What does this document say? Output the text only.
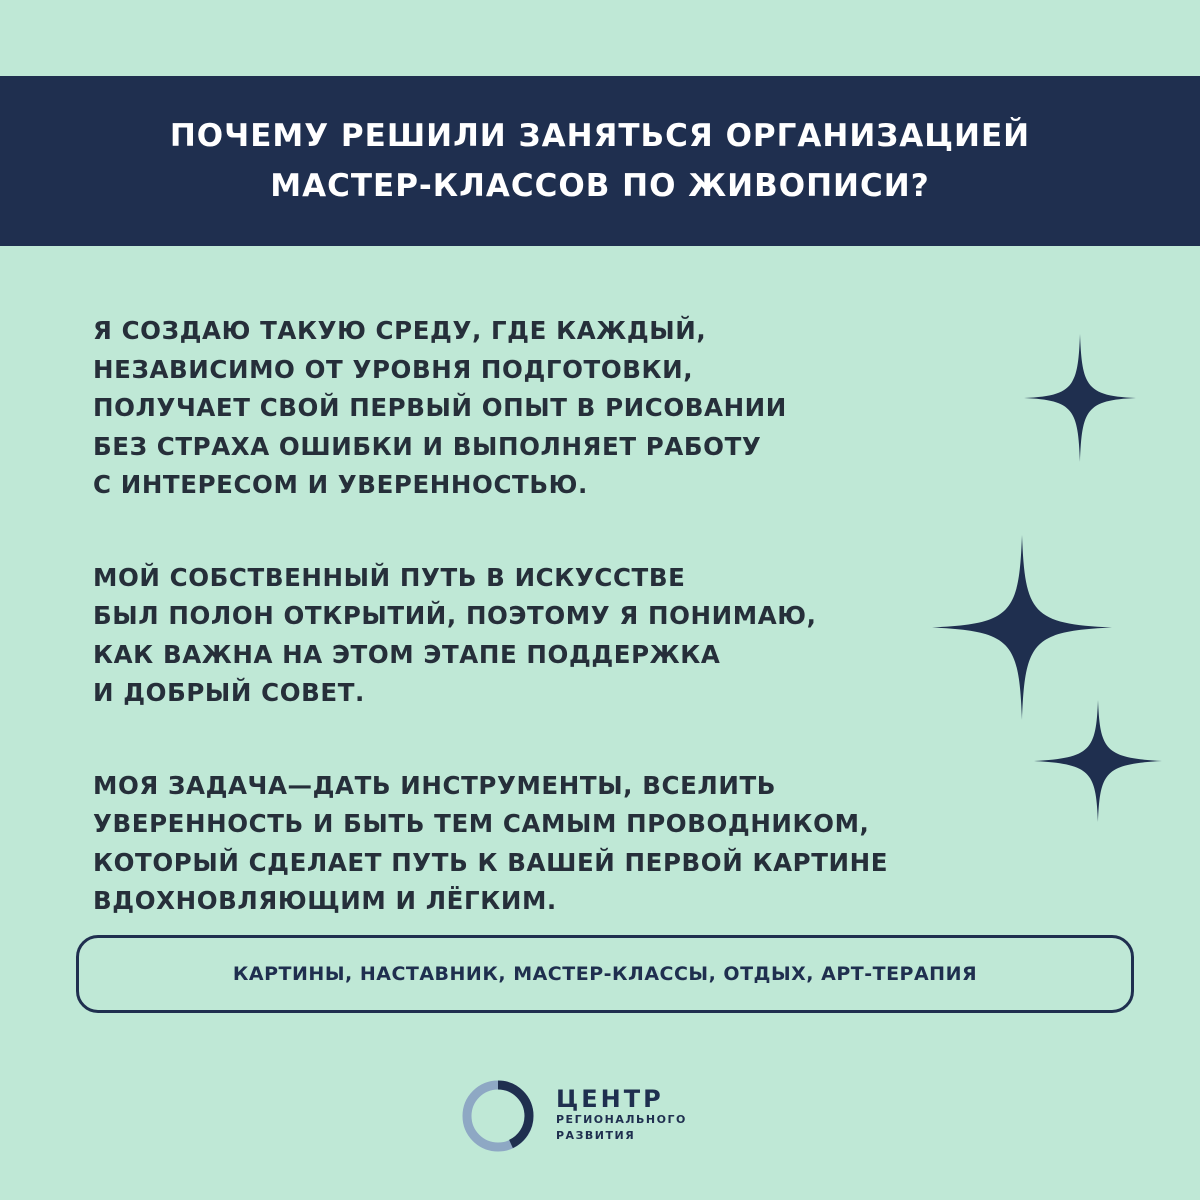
ПОЧЕМУ РЕШИЛИ ЗАНЯТЬСЯ ОРГАНИЗАЦИЕЙ
МАСТЕР-КЛАССОВ ПО ЖИВОПИСИ?
Я СОЗДАЮ ТАКУЮ СРЕДУ, ГДЕ КАЖДЫЙ,
НЕЗАВИСИМО ОТ УРОВНЯ ПОДГОТОВКИ,
ПОЛУЧАЕТ СВОЙ ПЕРВЫЙ ОПЫТ В РИСОВАНИИ
БЕЗ СТРАХА ОШИБКИ И ВЫПОЛНЯЕТ РАБОТУ
С ИНТЕРЕСОМ И УВЕРЕННОСТЬЮ.
МОЙ СОБСТВЕННЫЙ ПУТЬ В ИСКУССТВЕ
БЫЛ ПОЛОН ОТКРЫТИЙ, ПОЭТОМУ Я ПОНИМАЮ,
КАК ВАЖНА НА ЭТОМ ЭТАПЕ ПОДДЕРЖКА
И ДОБРЫЙ СОВЕТ.
МОЯ ЗАДАЧА—ДАТЬ ИНСТРУМЕНТЫ, ВСЕЛИТЬ
УВЕРЕННОСТЬ И БЫТЬ ТЕМ САМЫМ ПРОВОДНИКОМ,
КОТОРЫЙ СДЕЛАЕТ ПУТЬ К ВАШЕЙ ПЕРВОЙ КАРТИНЕ
ВДОХНОВЛЯЮЩИМ И ЛЁГКИМ.
КАРТИНЫ, НАСТАВНИК, МАСТЕР-КЛАССЫ, ОТДЫХ, АРТ-ТЕРАПИЯ
ЦЕНТР
РЕГИОНАЛЬНОГО
РАЗВИТИЯ
